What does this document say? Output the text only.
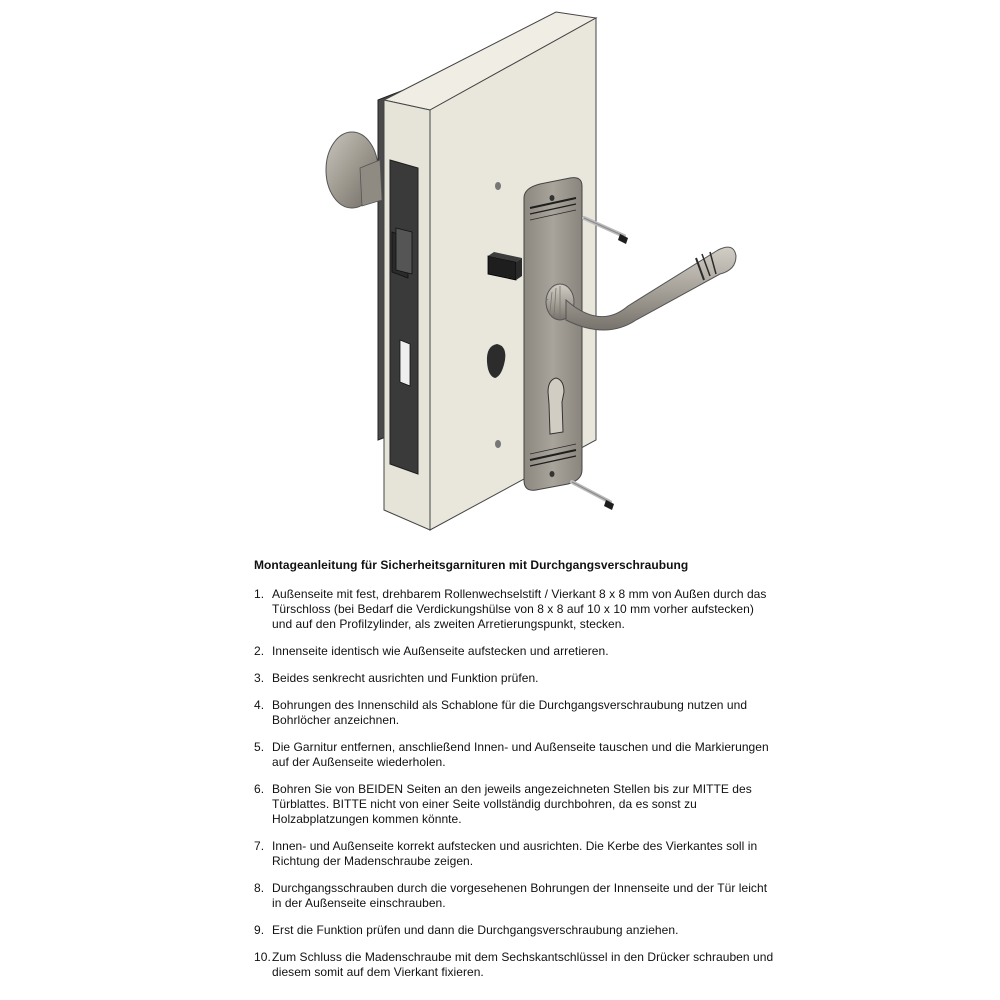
Montageanleitung für Sicherheitsgarnituren mit Durchgangsverschraubung
1. Außenseite mit fest, drehbarem Rollenwechselstift / Vierkant 8 x 8 mm von Außen durch das Türschloss (bei Bedarf die Verdickungshülse von 8 x 8 auf 10 x 10 mm vorher aufstecken) und auf den Profilzylinder, als zweiten Arretierungspunkt, stecken.
2. Innenseite identisch wie Außenseite aufstecken und arretieren.
3. Beides senkrecht ausrichten und Funktion prüfen.
4. Bohrungen des Innenschild als Schablone für die Durchgangsverschraubung nutzen und Bohrlöcher anzeichnen.
5. Die Garnitur entfernen, anschließend Innen- und Außenseite tauschen und die Markierungen auf der Außenseite wiederholen.
6. Bohren Sie von BEIDEN Seiten an den jeweils angezeichneten Stellen bis zur MITTE des Türblattes. BITTE nicht von einer Seite vollständig durchbohren, da es sonst zu Holzabplatzungen kommen könnte.
7. Innen- und Außenseite korrekt aufstecken und ausrichten. Die Kerbe des Vierkantes soll in Richtung der Madenschraube zeigen.
8. Durchgangsschrauben durch die vorgesehenen Bohrungen der Innenseite und der Tür leicht in der Außenseite einschrauben.
9. Erst die Funktion prüfen und dann die Durchgangsverschraubung anziehen.
10. Zum Schluss die Madenschraube mit dem Sechskantschlüssel in den Drücker schrauben und diesem somit auf dem Vierkant fixieren.
